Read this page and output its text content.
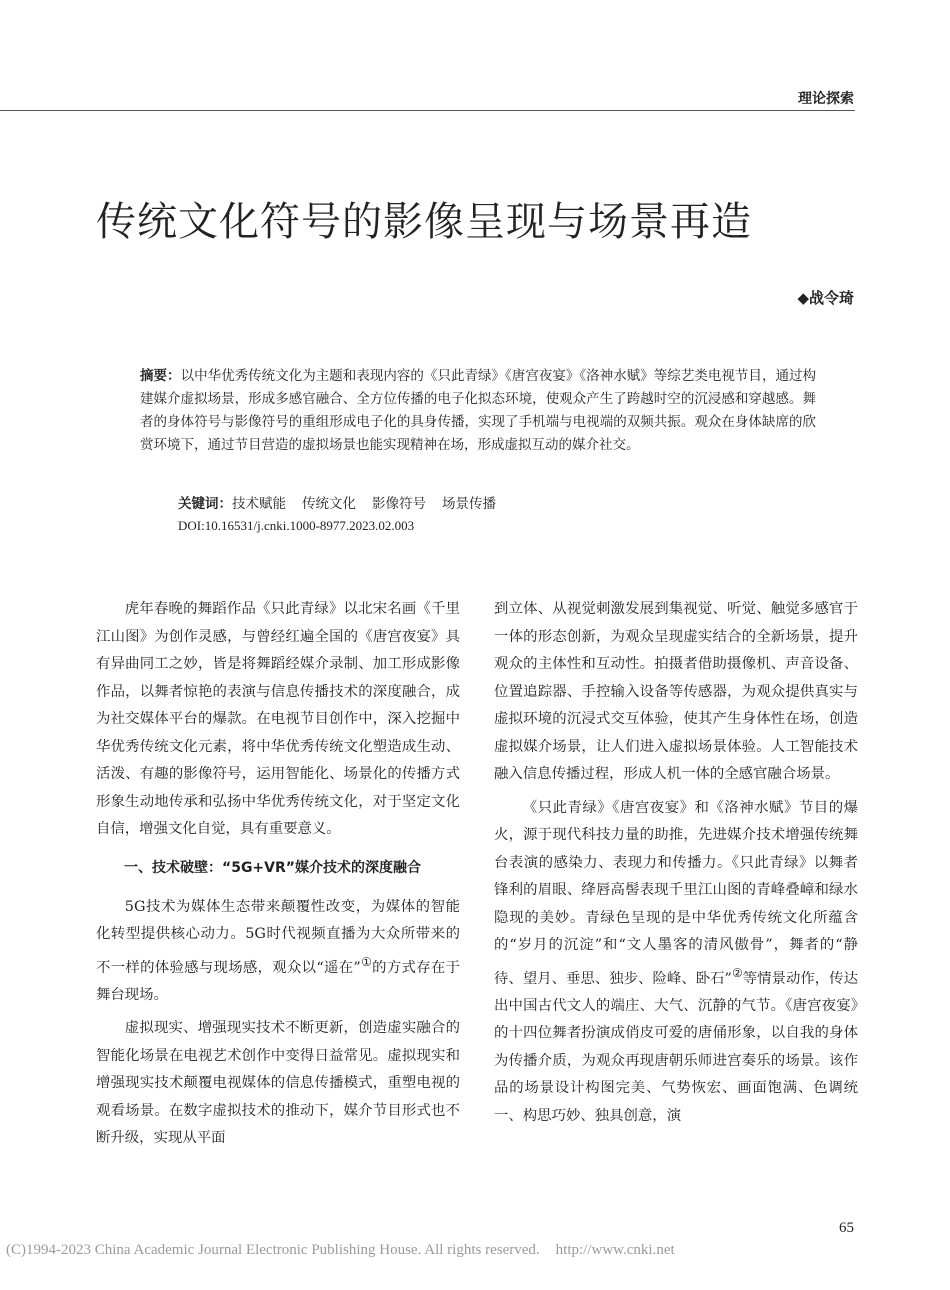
理论探索
传统文化符号的影像呈现与场景再造
◆战令琦
摘要：以中华优秀传统文化为主题和表现内容的《只此青绿》《唐宫夜宴》《洛神水赋》等综艺类电视节目，通过构建媒介虚拟场景，形成多感官融合、全方位传播的电子化拟态环境，使观众产生了跨越时空的沉浸感和穿越感。舞者的身体符号与影像符号的重组形成电子化的具身传播，实现了手机端与电视端的双频共振。观众在身体缺席的欣赏环境下，通过节目营造的虚拟场景也能实现精神在场，形成虚拟互动的媒介社交。
关键词：技术赋能 传统文化 影像符号 场景传播
DOI:10.16531/j.cnki.1000-8977.2023.02.003

虎年春晚的舞蹈作品《只此青绿》以北宋名画《千里江山图》为创作灵感，与曾经红遍全国的《唐宫夜宴》具有异曲同工之妙，皆是将舞蹈经媒介录制、加工形成影像作品，以舞者惊艳的表演与信息传播技术的深度融合，成为社交媒体平台的爆款。在电视节目创作中，深入挖掘中华优秀传统文化元素，将中华优秀传统文化塑造成生动、活泼、有趣的影像符号，运用智能化、场景化的传播方式形象生动地传承和弘扬中华优秀传统文化，对于坚定文化自信，增强文化自觉，具有重要意义。

一、技术破壁：“5G+VR”媒介技术的深度融合

5G技术为媒体生态带来颠覆性改变，为媒体的智能化转型提供核心动力。5G时代视频直播为大众所带来的不一样的体验感与现场感，观众以“遥在”①的方式存在于舞台现场。

虚拟现实、增强现实技术不断更新，创造虚实融合的智能化场景在电视艺术创作中变得日益常见。虚拟现实和增强现实技术颠覆电视媒体的信息传播模式，重塑电视的观看场景。在数字虚拟技术的推动下，媒介节目形式也不断升级，实现从平面

到立体、从视觉刺激发展到集视觉、听觉、触觉多感官于一体的形态创新，为观众呈现虚实结合的全新场景，提升观众的主体性和互动性。拍摄者借助摄像机、声音设备、位置追踪器、手控输入设备等传感器，为观众提供真实与虚拟环境的沉浸式交互体验，使其产生身体性在场，创造虚拟媒介场景，让人们进入虚拟场景体验。人工智能技术融入信息传播过程，形成人机一体的全感官融合场景。

《只此青绿》《唐宫夜宴》和《洛神水赋》节目的爆火，源于现代科技力量的助推，先进媒介技术增强传统舞台表演的感染力、表现力和传播力。《只此青绿》以舞者锋利的眉眼、绛唇高髻表现千里江山图的青峰叠嶂和绿水隐现的美妙。青绿色呈现的是中华优秀传统文化所蕴含的“岁月的沉淀”和“文人墨客的清风傲骨”，舞者的“静待、望月、垂思、独步、险峰、卧石”②等情景动作，传达出中国古代文人的端庄、大气、沉静的气节。《唐宫夜宴》的十四位舞者扮演成俏皮可爱的唐俑形象，以自我的身体为传播介质，为观众再现唐朝乐师进宫奏乐的场景。该作品的场景设计构图完美、气势恢宏、画面饱满、色调统一、构思巧妙、独具创意，演

65
(C)1994-2023 China Academic Journal Electronic Publishing House. All rights reserved. http://www.cnki.net
